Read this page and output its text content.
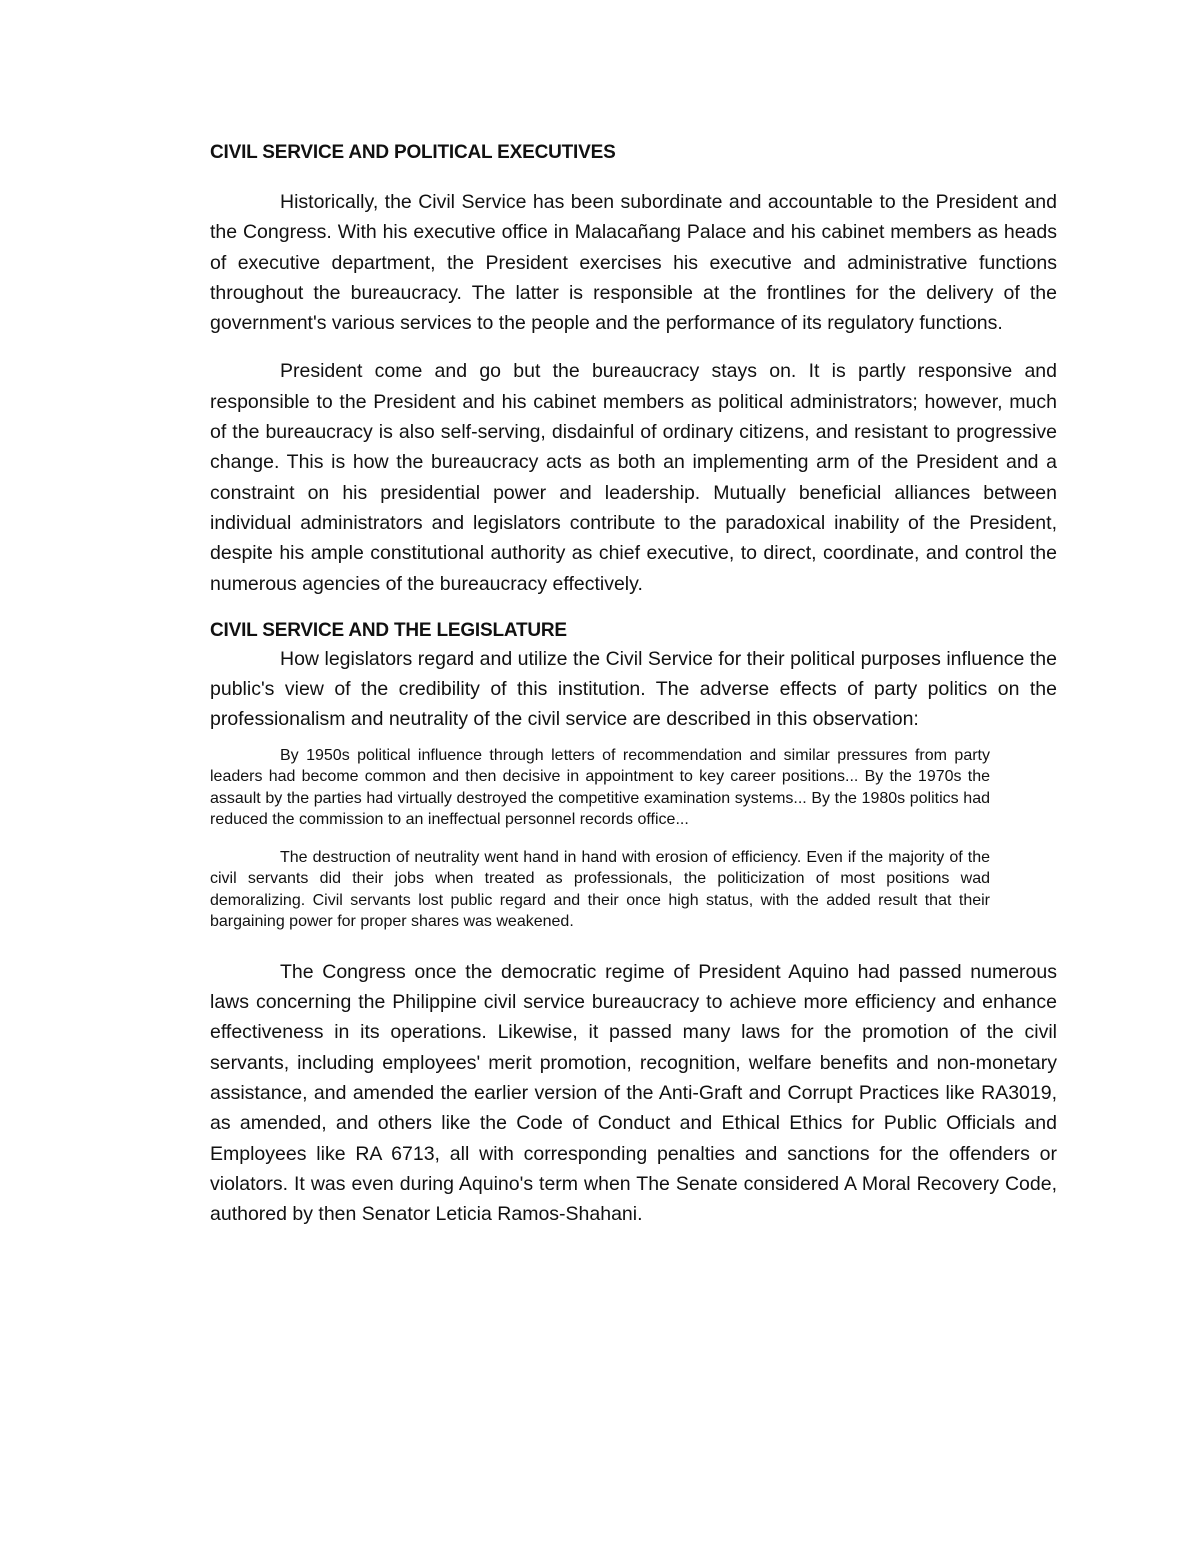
CIVIL SERVICE AND POLITICAL EXECUTIVES

Historically, the Civil Service has been subordinate and accountable to the President and the Congress. With his executive office in Malacañang Palace and his cabinet members as heads of executive department, the President exercises his executive and administrative functions throughout the bureaucracy. The latter is responsible at the frontlines for the delivery of the government's various services to the people and the performance of its regulatory functions.

President come and go but the bureaucracy stays on. It is partly responsive and responsible to the President and his cabinet members as political administrators; however, much of the bureaucracy is also self-serving, disdainful of ordinary citizens, and resistant to progressive change. This is how the bureaucracy acts as both an implementing arm of the President and a constraint on his presidential power and leadership. Mutually beneficial alliances between individual administrators and legislators contribute to the paradoxical inability of the President, despite his ample constitutional authority as chief executive, to direct, coordinate, and control the numerous agencies of the bureaucracy effectively.

CIVIL SERVICE AND THE LEGISLATURE

How legislators regard and utilize the Civil Service for their political purposes influence the public's view of the credibility of this institution. The adverse effects of party politics on the professionalism and neutrality of the civil service are described in this observation:

By 1950s political influence through letters of recommendation and similar pressures from party leaders had become common and then decisive in appointment to key career positions... By the 1970s the assault by the parties had virtually destroyed the competitive examination systems... By the 1980s politics had reduced the commission to an ineffectual personnel records office...

The destruction of neutrality went hand in hand with erosion of efficiency. Even if the majority of the civil servants did their jobs when treated as professionals, the politicization of most positions wad demoralizing. Civil servants lost public regard and their once high status, with the added result that their bargaining power for proper shares was weakened.

The Congress once the democratic regime of President Aquino had passed numerous laws concerning the Philippine civil service bureaucracy to achieve more efficiency and enhance effectiveness in its operations. Likewise, it passed many laws for the promotion of the civil servants, including employees' merit promotion, recognition, welfare benefits and non-monetary assistance, and amended the earlier version of the Anti-Graft and Corrupt Practices like RA3019, as amended, and others like the Code of Conduct and Ethical Ethics for Public Officials and Employees like RA 6713, all with corresponding penalties and sanctions for the offenders or violators. It was even during Aquino's term when The Senate considered A Moral Recovery Code, authored by then Senator Leticia Ramos-Shahani.
